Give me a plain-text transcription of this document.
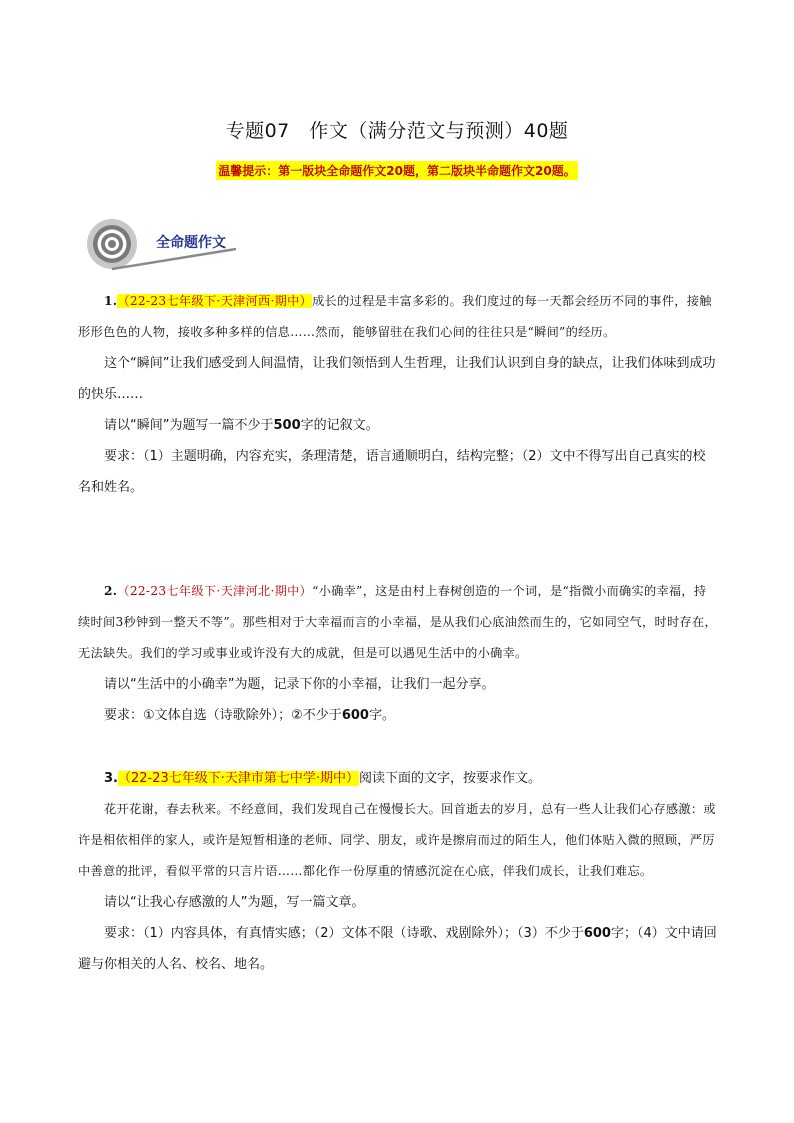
专题07　作文（满分范文与预测）40题
温馨提示：第一版块全命题作文20题，第二版块半命题作文20题。
全命题作文

1.（22-23七年级下·天津河西·期中）成长的过程是丰富多彩的。我们度过的每一天都会经历不同的事件，接触形形色色的人物，接收多种多样的信息……然而，能够留驻在我们心间的往往只是“瞬间”的经历。

这个“瞬间”让我们感受到人间温情，让我们领悟到人生哲理，让我们认识到自身的缺点，让我们体味到成功的快乐……

请以“瞬间”为题写一篇不少于500字的记叙文。

要求：（1）主题明确，内容充实，条理清楚，语言通顺明白，结构完整；（2）文中不得写出自己真实的校名和姓名。

2.（22-23七年级下·天津河北·期中）“小确幸”，这是由村上春树创造的一个词，是“指微小而确实的幸福，持续时间3秒钟到一整天不等”。那些相对于大幸福而言的小幸福，是从我们心底油然而生的，它如同空气，时时存在，无法缺失。我们的学习或事业或许没有大的成就，但是可以遇见生活中的小确幸。

请以“生活中的小确幸”为题，记录下你的小幸福，让我们一起分享。

要求：①文体自选（诗歌除外）；②不少于600字。

3.（22-23七年级下·天津市第七中学·期中）阅读下面的文字，按要求作文。

花开花谢，春去秋来。不经意间，我们发现自己在慢慢长大。回首逝去的岁月，总有一些人让我们心存感激：或许是相依相伴的家人，或许是短暂相逢的老师、同学、朋友，或许是擦肩而过的陌生人，他们体贴入微的照顾，严厉中善意的批评，看似平常的只言片语……都化作一份厚重的情感沉淀在心底，伴我们成长，让我们难忘。

请以“让我心存感激的人”为题，写一篇文章。

要求：（1）内容具体，有真情实感；（2）文体不限（诗歌、戏剧除外）；（3）不少于600字；（4）文中请回避与你相关的人名、校名、地名。
